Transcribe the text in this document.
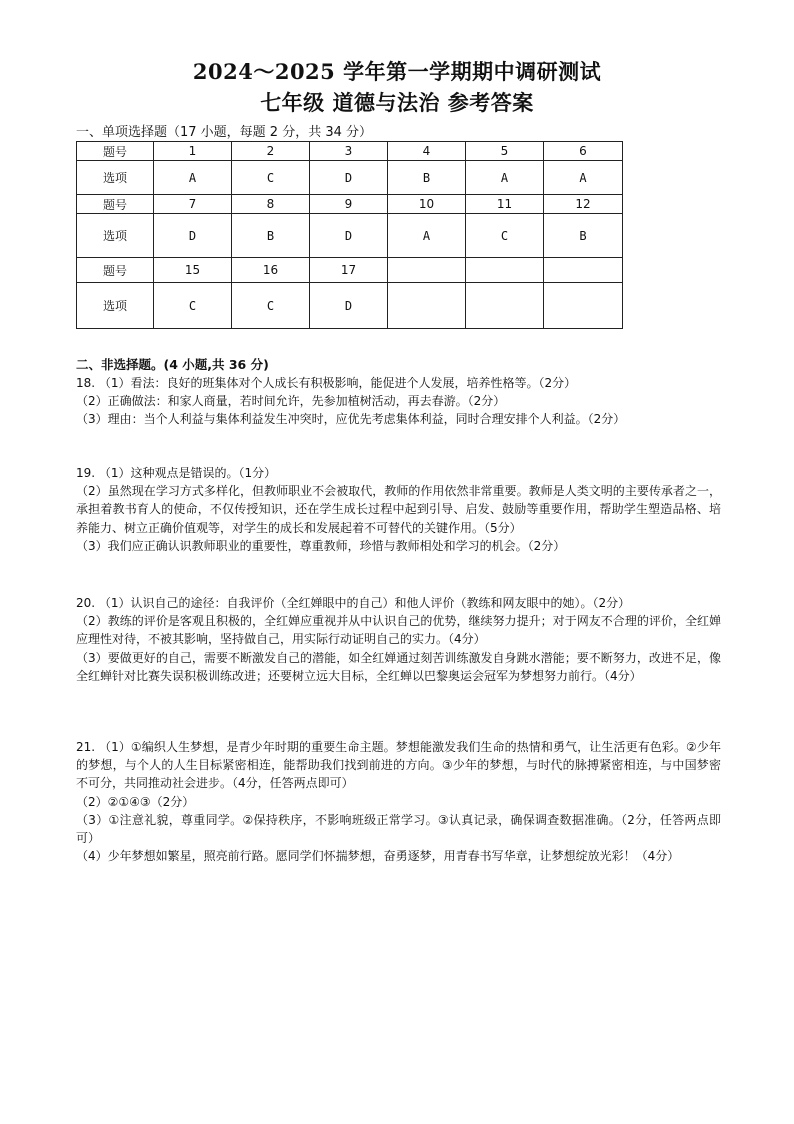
2024～2025 学年第一学期期中调研测试
七年级 道德与法治 参考答案
一、单项选择题（17 小题，每题 2 分，共 34 分）
题号	1	2	3	4	5	6
选项	A	C	D	B	A	A
题号	7	8	9	10	11	12
选项	D	B	D	A	C	B
题号	15	16	17			
选项	C	C	D			
二、非选择题。(4 小题,共 36 分)

18. （1）看法：良好的班集体对个人成长有积极影响，能促进个人发展，培养性格等。（2分）

（2）正确做法：和家人商量，若时间允许，先参加植树活动，再去春游。（2分）

（3）理由：当个人利益与集体利益发生冲突时，应优先考虑集体利益，同时合理安排个人利益。（2分）

19. （1）这种观点是错误的。（1分）

（2）虽然现在学习方式多样化，但教师职业不会被取代，教师的作用依然非常重要。教师是人类文明的主要传承者之一，承担着教书育人的使命，不仅传授知识，还在学生成长过程中起到引导、启发、鼓励等重要作用，帮助学生塑造品格、培养能力、树立正确价值观等，对学生的成长和发展起着不可替代的关键作用。（5分）

（3）我们应正确认识教师职业的重要性，尊重教师，珍惜与教师相处和学习的机会。（2分）

20. （1）认识自己的途径：自我评价（全红婵眼中的自己）和他人评价（教练和网友眼中的她）。（2分）

（2）教练的评价是客观且积极的，全红婵应重视并从中认识自己的优势，继续努力提升；对于网友不合理的评价，全红婵应理性对待，不被其影响，坚持做自己，用实际行动证明自己的实力。（4分）

（3）要做更好的自己，需要不断激发自己的潜能，如全红婵通过刻苦训练激发自身跳水潜能；要不断努力，改进不足，像全红蝉针对比赛失误积极训练改进；还要树立远大目标，全红蝉以巴黎奥运会冠军为梦想努力前行。（4分）

21. （1）①编织人生梦想，是青少年时期的重要生命主题。梦想能激发我们生命的热情和勇气，让生活更有色彩。②少年的梦想，与个人的人生目标紧密相连，能帮助我们找到前进的方向。③少年的梦想，与时代的脉搏紧密相连，与中国梦密不可分，共同推动社会进步。（4分，任答两点即可）

（2）②①④③（2分）

（3）①注意礼貌，尊重同学。②保持秩序，不影响班级正常学习。③认真记录，确保调查数据准确。（2分，任答两点即可）

（4）少年梦想如繁星，照亮前行路。愿同学们怀揣梦想，奋勇逐梦，用青春书写华章，让梦想绽放光彩！（4分）
